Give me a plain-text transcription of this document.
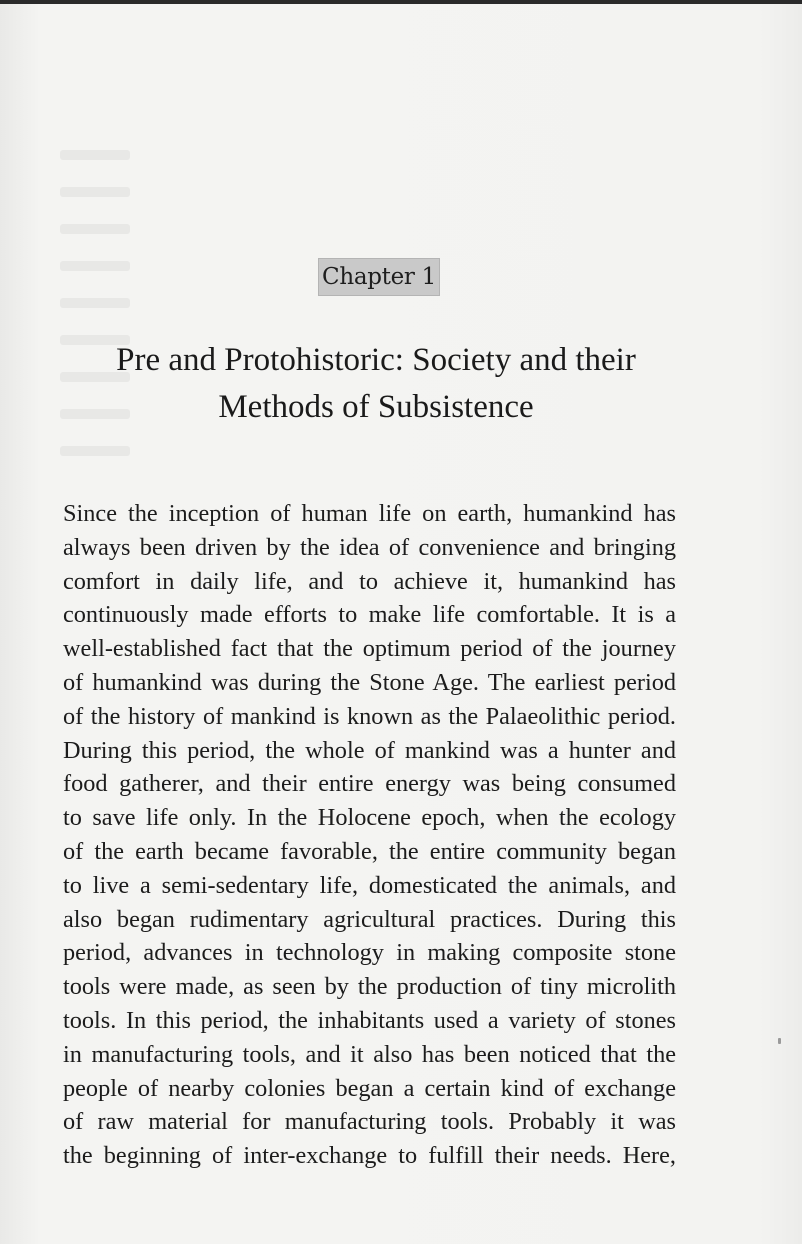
Chapter 1
Pre and Protohistoric: Society and their
Methods of Subsistence

Since the inception of human life on earth, humankind has
always been driven by the idea of convenience and bringing
comfort in daily life, and to achieve it, humankind has
continuously made efforts to make life comfortable. It is a
well-established fact that the optimum period of the journey
of humankind was during the Stone Age. The earliest period
of the history of mankind is known as the Palaeolithic period.
During this period, the whole of mankind was a hunter and
food gatherer, and their entire energy was being consumed
to save life only. In the Holocene epoch, when the ecology
of the earth became favorable, the entire community began
to live a semi-sedentary life, domesticated the animals, and
also began rudimentary agricultural practices. During this
period, advances in technology in making composite stone
tools were made, as seen by the production of tiny microlith
tools. In this period, the inhabitants used a variety of stones
in manufacturing tools, and it also has been noticed that the
people of nearby colonies began a certain kind of exchange
of raw material for manufacturing tools. Probably it was
the beginning of inter-exchange to fulfill their needs. Here,
